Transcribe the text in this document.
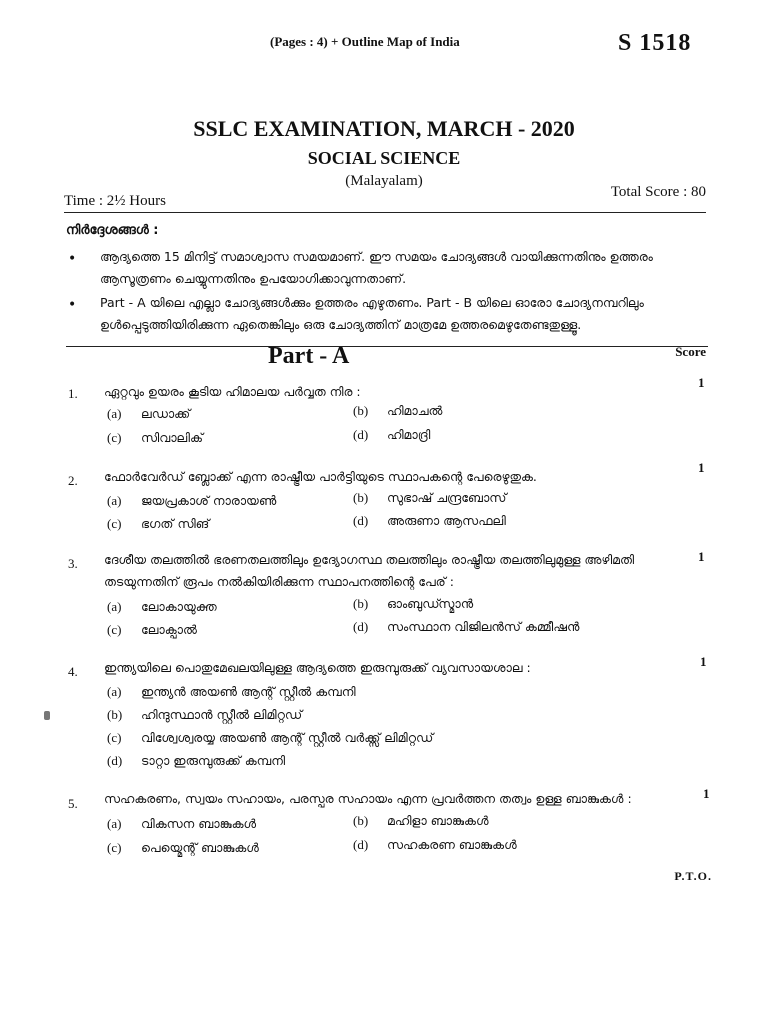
(Pages : 4) + Outline Map of India	S 1518
SSLC EXAMINATION, MARCH - 2020
SOCIAL SCIENCE
(Malayalam)
Time : 2½ Hours
Total Score : 80
നിർദ്ദേശങ്ങൾ :
• ആദ്യത്തെ 15 മിനിട്ട് സമാശ്വാസ സമയമാണ്. ഈ സമയം ചോദ്യങ്ങൾ വായിക്കുന്നതിനും ഉത്തരം ആസൂത്രണം ചെയ്യുന്നതിനും ഉപയോഗിക്കാവുന്നതാണ്.
• Part - A യിലെ എല്ലാ ചോദ്യങ്ങൾക്കും ഉത്തരം എഴുതണം. Part - B യിലെ ഓരോ ചോദ്യനമ്പറിലും ഉൾപ്പെടുത്തിയിരിക്കുന്ന ഏതെങ്കിലും ഒരു ചോദ്യത്തിന് മാത്രമേ ഉത്തരമെഴുതേണ്ടതുള്ളൂ.
Part - A	Score
1. ഏറ്റവും ഉയരം കൂടിയ ഹിമാലയ പർവ്വത നിര :
1
(a) ലഡാക്ക്	(b) ഹിമാചൽ
(c) സിവാലിക്	(d) ഹിമാദ്രി
2. ഫോർവേർഡ് ബ്ലോക്ക് എന്ന രാഷ്ട്രീയ പാർട്ടിയുടെ സ്ഥാപകന്റെ പേരെഴുതുക.
1
(a) ജയപ്രകാശ് നാരായൺ	(b) സുഭാഷ് ചന്ദ്രബോസ്
(c) ഭഗത് സിങ്	(d) അരുണാ ആസഫലി
3. ദേശീയ തലത്തിൽ ഭരണതലത്തിലും ഉദ്യോഗസ്ഥ തലത്തിലും രാഷ്ട്രീയ തലത്തിലുമുള്ള അഴിമതി തടയുന്നതിന് രൂപം നൽകിയിരിക്കുന്ന സ്ഥാപനത്തിന്റെ പേര് :
1
(a) ലോകായുക്ത	(b) ഓംബുഡ്സ്മാൻ
(c) ലോക്പാൽ	(d) സംസ്ഥാന വിജിലൻസ് കമ്മീഷൻ
4. ഇന്ത്യയിലെ പൊതുമേഖലയിലുള്ള ആദ്യത്തെ ഇരുമ്പുരുക്ക് വ്യവസായശാല :	1
(a) ഇന്ത്യൻ അയൺ ആന്റ് സ്റ്റീൽ കമ്പനി
(b) ഹിന്ദുസ്ഥാൻ സ്റ്റീൽ ലിമിറ്റഡ്
(c) വിശ്വേശ്വരയ്യ അയൺ ആന്റ് സ്റ്റീൽ വർക്ക്സ് ലിമിറ്റഡ്
(d) ടാറ്റാ ഇരുമ്പുരുക്ക് കമ്പനി
5. സഹകരണം, സ്വയം സഹായം, പരസ്പര സഹായം എന്ന പ്രവർത്തന തത്വം ഉള്ള ബാങ്കുകൾ :	1
(a) വികസന ബാങ്കുകൾ	(b) മഹിളാ ബാങ്കുകൾ
(c) പെയ്മെന്റ് ബാങ്കുകൾ	(d) സഹകരണ ബാങ്കുകൾ
P.T.O.
